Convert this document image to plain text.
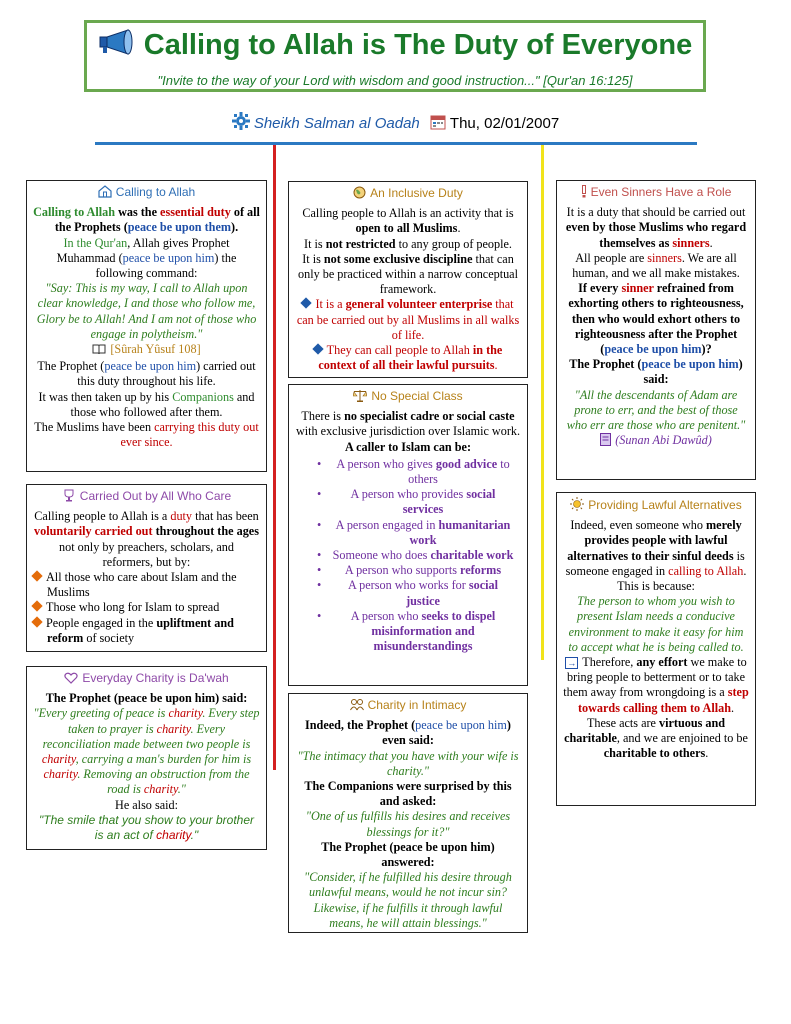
Calling to Allah is The Duty of Everyone
"Invite to the way of your Lord with wisdom and good instruction..." [Qur'an 16:125]
Sheikh Salman al Oadah Thu, 02/01/2007
Calling to Allah

Calling to Allah was the essential duty of all the Prophets (peace be upon them).

In the Qur'an, Allah gives Prophet Muhammad (peace be upon him) the following command:

"Say: This is my way, I call to Allah upon clear knowledge, I and those who follow me, Glory be to Allah! And I am not of those who engage in polytheism."

[Sûrah Yûsuf 108]

The Prophet (peace be upon him) carried out this duty throughout his life.

It was then taken up by his Companions and those who followed after them.

The Muslims have been carrying this duty out ever since.

Carried Out by All Who Care

Calling people to Allah is a duty that has been voluntarily carried out throughout the ages not only by preachers, scholars, and reformers, but by:

All those who care about Islam and the Muslims

Those who long for Islam to spread

People engaged in the upliftment and reform of society

Everyday Charity is Da'wah

The Prophet (peace be upon him) said:

"Every greeting of peace is charity. Every step taken to prayer is charity. Every reconciliation made between two people is charity, carrying a man's burden for him is charity. Removing an obstruction from the road is charity."

He also said:

"The smile that you show to your brother is an act of charity."

An Inclusive Duty

Calling people to Allah is an activity that is open to all Muslims.

It is not restricted to any group of people.

It is not some exclusive discipline that can only be practiced within a narrow conceptual framework.

It is a general volunteer enterprise that can be carried out by all Muslims in all walks of life.

They can call people to Allah in the context of all their lawful pursuits.

No Special Class

There is no specialist cadre or social caste with exclusive jurisdiction over Islamic work.

A caller to Islam can be:

• A person who gives good advice to others
• A person who provides social services
• A person engaged in humanitarian work
• Someone who does charitable work
• A person who supports reforms
• A person who works for social justice
• A person who seeks to dispel misinformation and misunderstandings
Charity in Intimacy

Indeed, the Prophet (peace be upon him) even said:

"The intimacy that you have with your wife is charity."

The Companions were surprised by this and asked:

"One of us fulfills his desires and receives blessings for it?"

The Prophet (peace be upon him) answered:

"Consider, if he fulfilled his desire through unlawful means, would he not incur sin? Likewise, if he fulfills it through lawful means, he will attain blessings."

Even Sinners Have a Role

It is a duty that should be carried out even by those Muslims who regard themselves as sinners.

All people are sinners. We are all human, and we all make mistakes.

If every sinner refrained from exhorting others to righteousness, then who would exhort others to righteousness after the Prophet (peace be upon him)?

The Prophet (peace be upon him) said:

"All the descendants of Adam are prone to err, and the best of those who err are those who are penitent."

(Sunan Abi Dawûd)

Providing Lawful Alternatives

Indeed, even someone who merely provides people with lawful alternatives to their sinful deeds is someone engaged in calling to Allah.

This is because:

The person to whom you wish to present Islam needs a conducive environment to make it easy for him to accept what he is being called to.

→ Therefore, any effort we make to bring people to betterment or to take them away from wrongdoing is a step towards calling them to Allah.

These acts are virtuous and charitable, and we are enjoined to be charitable to others.
